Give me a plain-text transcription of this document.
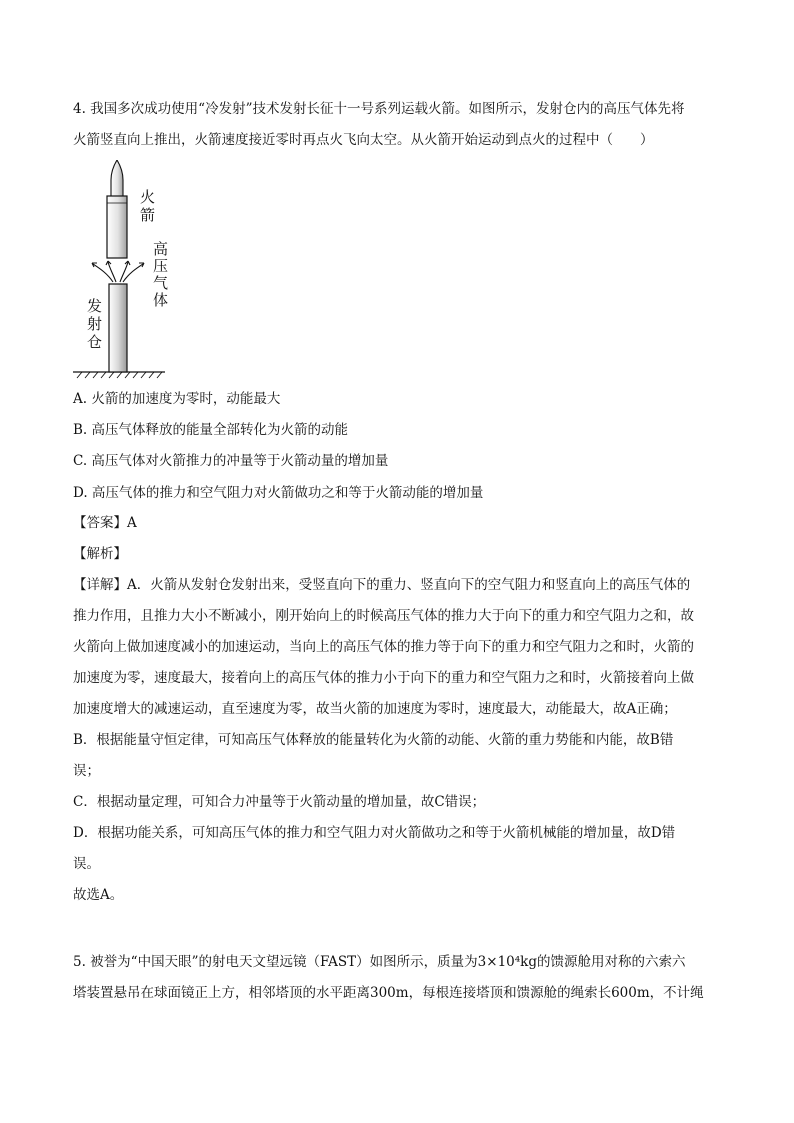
4. 我国多次成功使用“冷发射”技术发射长征十一号系列运载火箭。如图所示，发射仓内的高压气体先将
火箭竖直向上推出，火箭速度接近零时再点火飞向太空。从火箭开始运动到点火的过程中（　　）
火
箭
高
压
气
体
发
射
仓
A. 火箭的加速度为零时，动能最大
B. 高压气体释放的能量全部转化为火箭的动能
C. 高压气体对火箭推力的冲量等于火箭动量的增加量
D. 高压气体的推力和空气阻力对火箭做功之和等于火箭动能的增加量
【答案】A
【解析】
【详解】A．火箭从发射仓发射出来，受竖直向下的重力、竖直向下的空气阻力和竖直向上的高压气体的
推力作用，且推力大小不断减小，刚开始向上的时候高压气体的推力大于向下的重力和空气阻力之和，故
火箭向上做加速度减小的加速运动，当向上的高压气体的推力等于向下的重力和空气阻力之和时，火箭的
加速度为零，速度最大，接着向上的高压气体的推力小于向下的重力和空气阻力之和时，火箭接着向上做
加速度增大的减速运动，直至速度为零，故当火箭的加速度为零时，速度最大，动能最大，故A正确；
B．根据能量守恒定律，可知高压气体释放的能量转化为火箭的动能、火箭的重力势能和内能，故B错
误；
C．根据动量定理，可知合力冲量等于火箭动量的增加量，故C错误；
D．根据功能关系，可知高压气体的推力和空气阻力对火箭做功之和等于火箭机械能的增加量，故D错
误。
故选A。
5. 被誉为“中国天眼”的射电天文望远镜（FAST）如图所示，质量为3×10⁴kg的馈源舱用对称的六索六
塔装置悬吊在球面镜正上方，相邻塔顶的水平距离300m，每根连接塔顶和馈源舱的绳索长600m，不计绳
